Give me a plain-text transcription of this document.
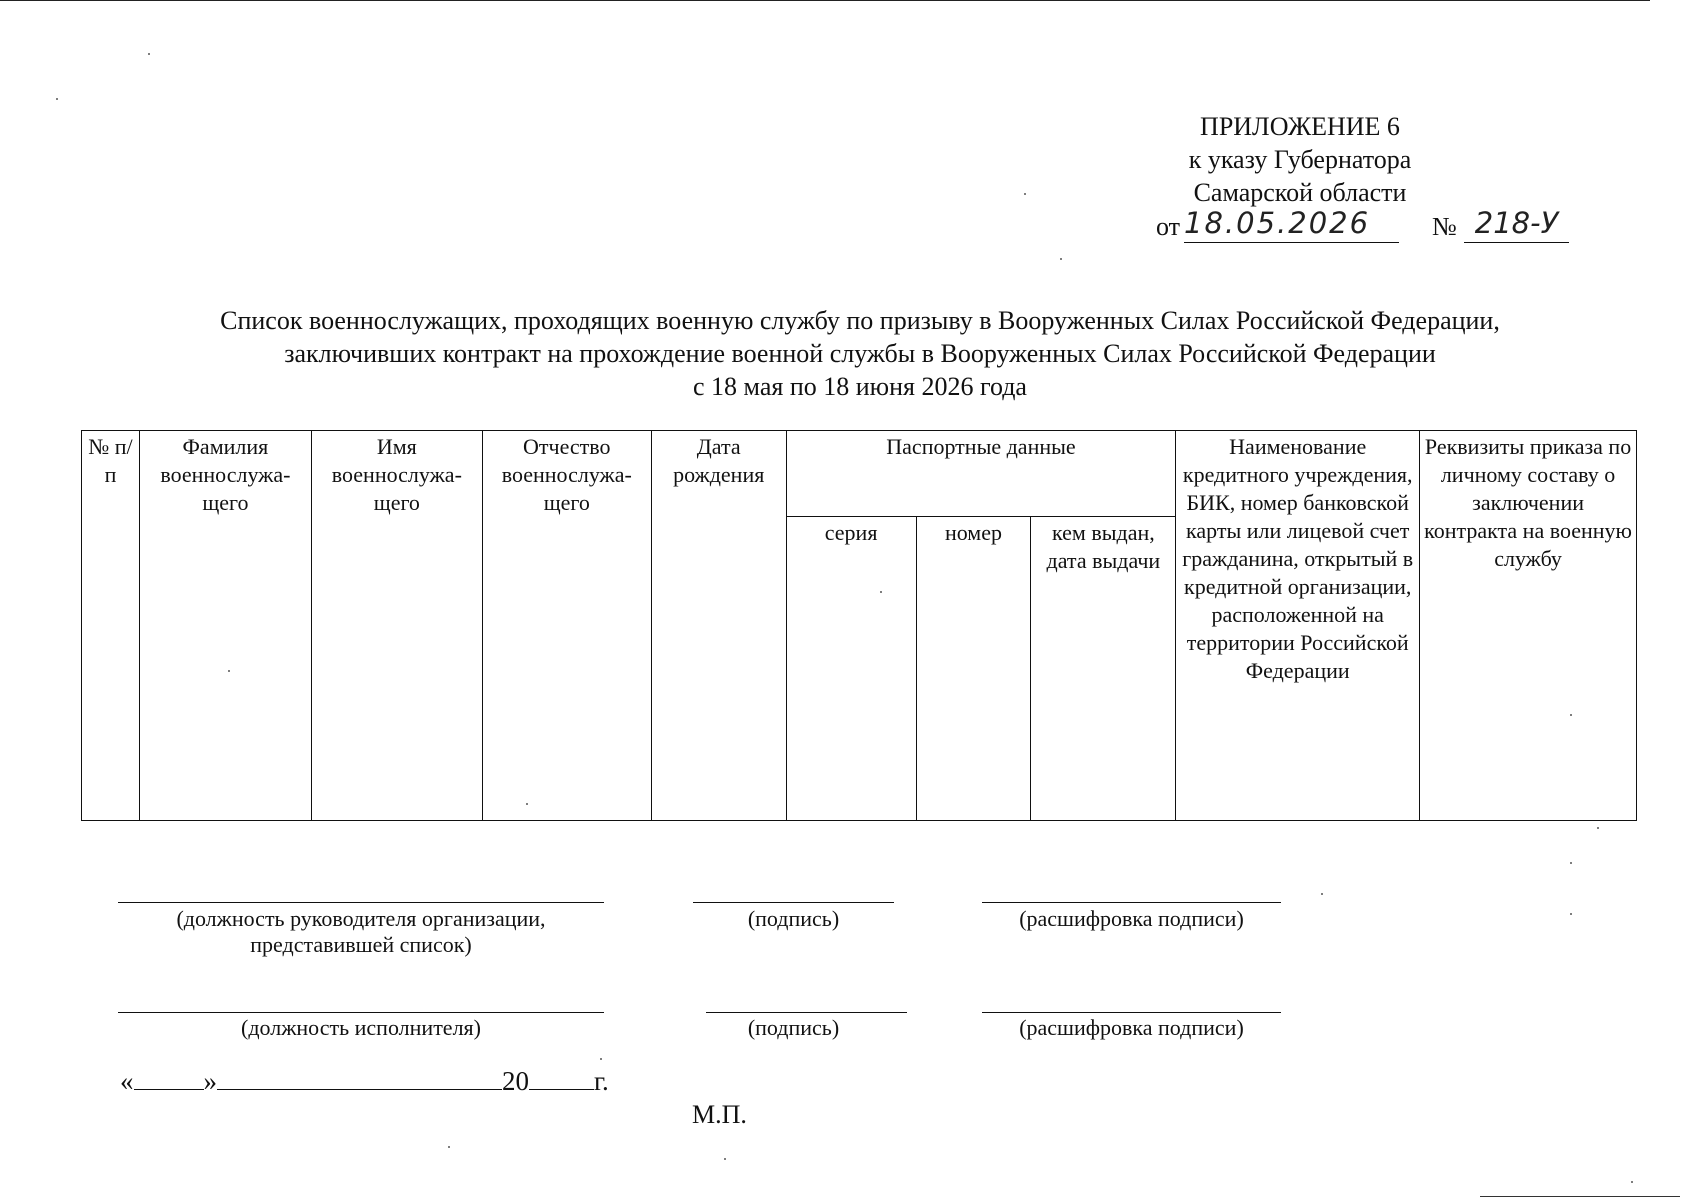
ПРИЛОЖЕНИЕ 6
к указу Губернатора
Самарской области
от 18.05.2026	№ 218-У
Список военнослужащих, проходящих военную службу по призыву в Вооруженных Силах Российской Федерации,
заключивших контракт на прохождение военной службы в Вооруженных Силах Российской Федерации
с 18 мая по 18 июня 2026 года
№ п/п	Фамилия военнослужа-щего	Имя военнослужа-щего	Отчество военнослужа-щего	Дата рождения	Паспортные данные			Наименование кредитного учреждения, БИК, номер банковской карты или лицевой счет гражданина, открытый в кредитной организации, расположенной на территории Российской Федерации	Реквизиты приказа по личному составу о заключении контракта на военную службу
					серия	номер	кем выдан, дата выдачи		
(должность руководителя организации, представившей список)
(подпись)	(расшифровка подписи)
(должность исполнителя)	(подпись)	(расшифровка подписи)
«	»	20 г.
М.П.
